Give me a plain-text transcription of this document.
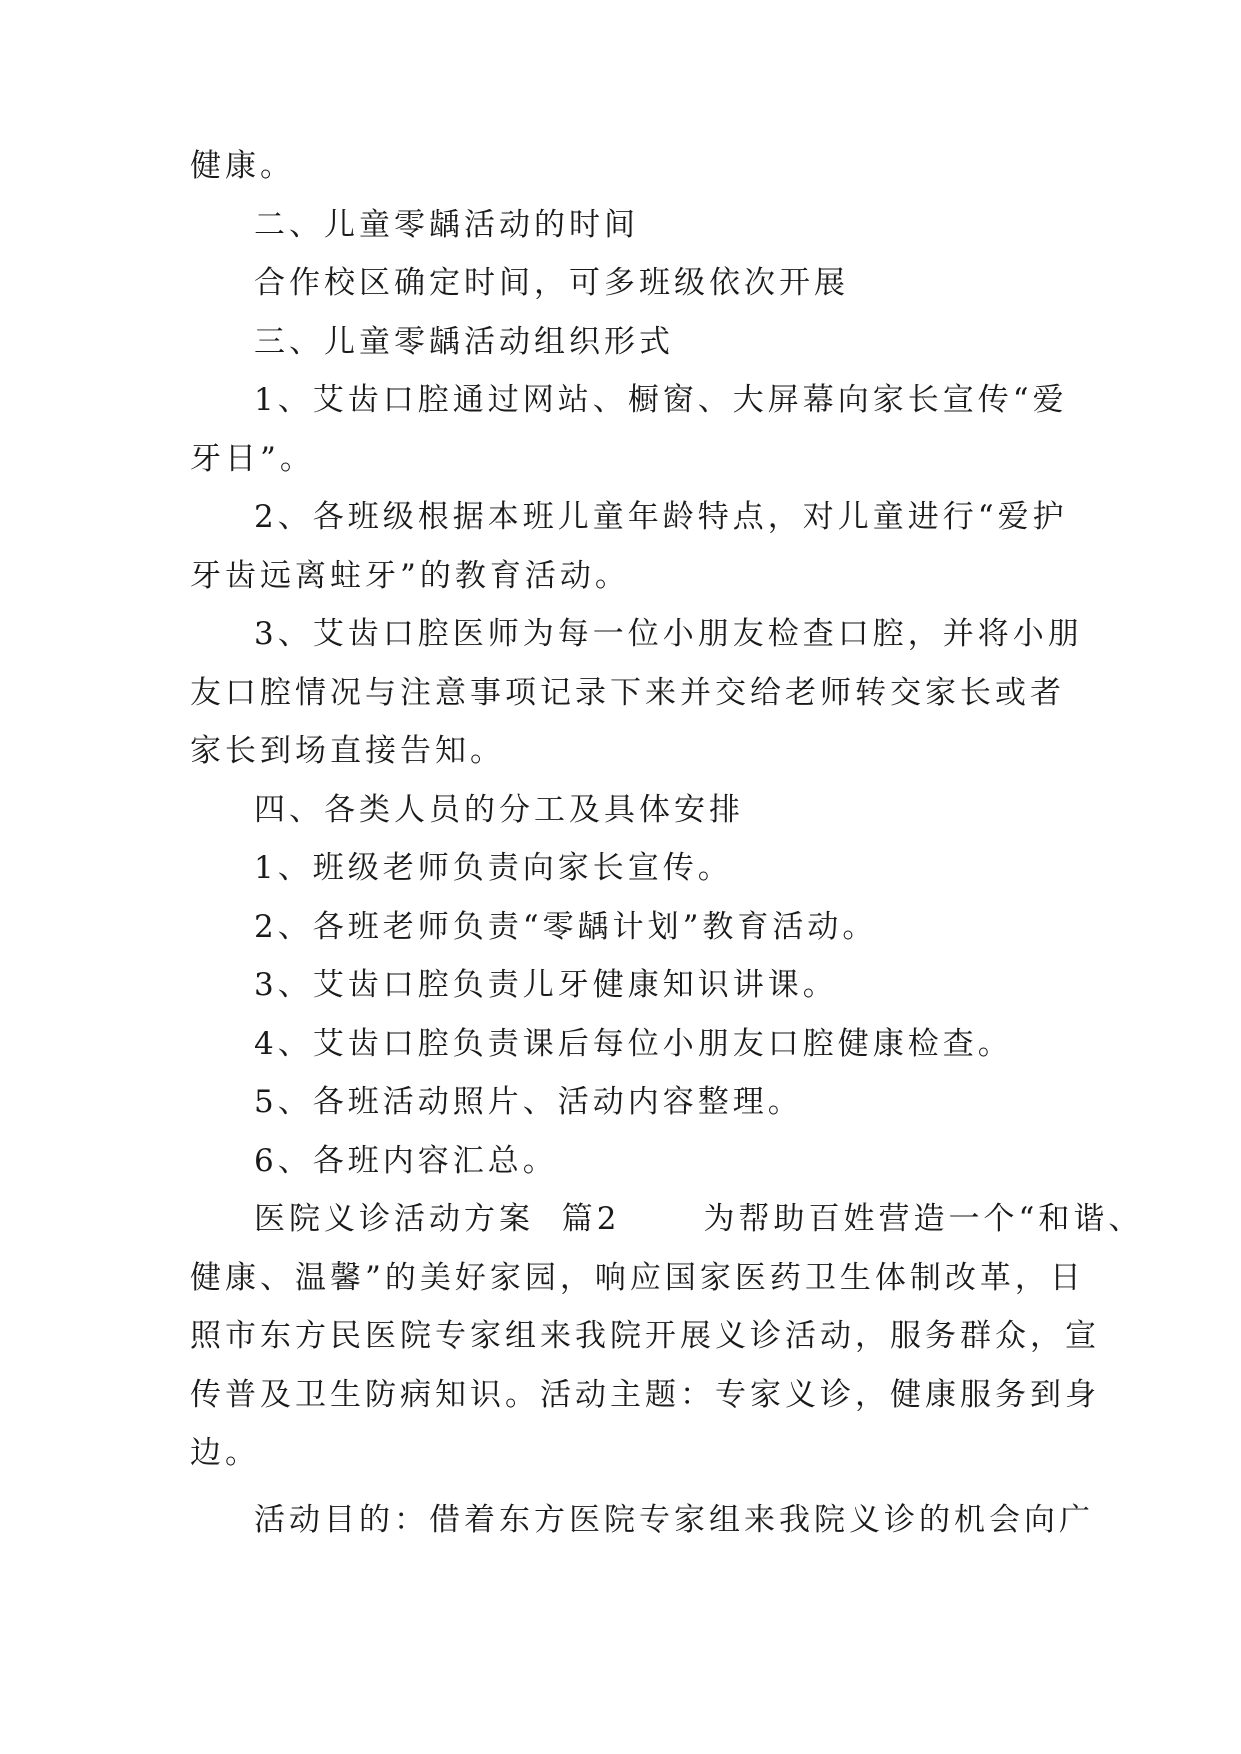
健康。
二、儿童零龋活动的时间
合作校区确定时间，可多班级依次开展
三、儿童零龋活动组织形式
1、艾齿口腔通过网站、橱窗、大屏幕向家长宣传“爱
牙日”。
2、各班级根据本班儿童年龄特点，对儿童进行“爱护
牙齿远离蛀牙”的教育活动。
3、艾齿口腔医师为每一位小朋友检查口腔，并将小朋
友口腔情况与注意事项记录下来并交给老师转交家长或者
家长到场直接告知。
四、各类人员的分工及具体安排
1、班级老师负责向家长宣传。
2、各班老师负责“零龋计划”教育活动。
3、艾齿口腔负责儿牙健康知识讲课。
4、艾齿口腔负责课后每位小朋友口腔健康检查。
5、各班活动照片、活动内容整理。
6、各班内容汇总。
医院义诊活动方案  篇2      为帮助百姓营造一个“和谐、
健康、温馨”的美好家园，响应国家医药卫生体制改革，日
照市东方民医院专家组来我院开展义诊活动，服务群众，宣
传普及卫生防病知识。活动主题：专家义诊，健康服务到身
边。
活动目的：借着东方医院专家组来我院义诊的机会向广
